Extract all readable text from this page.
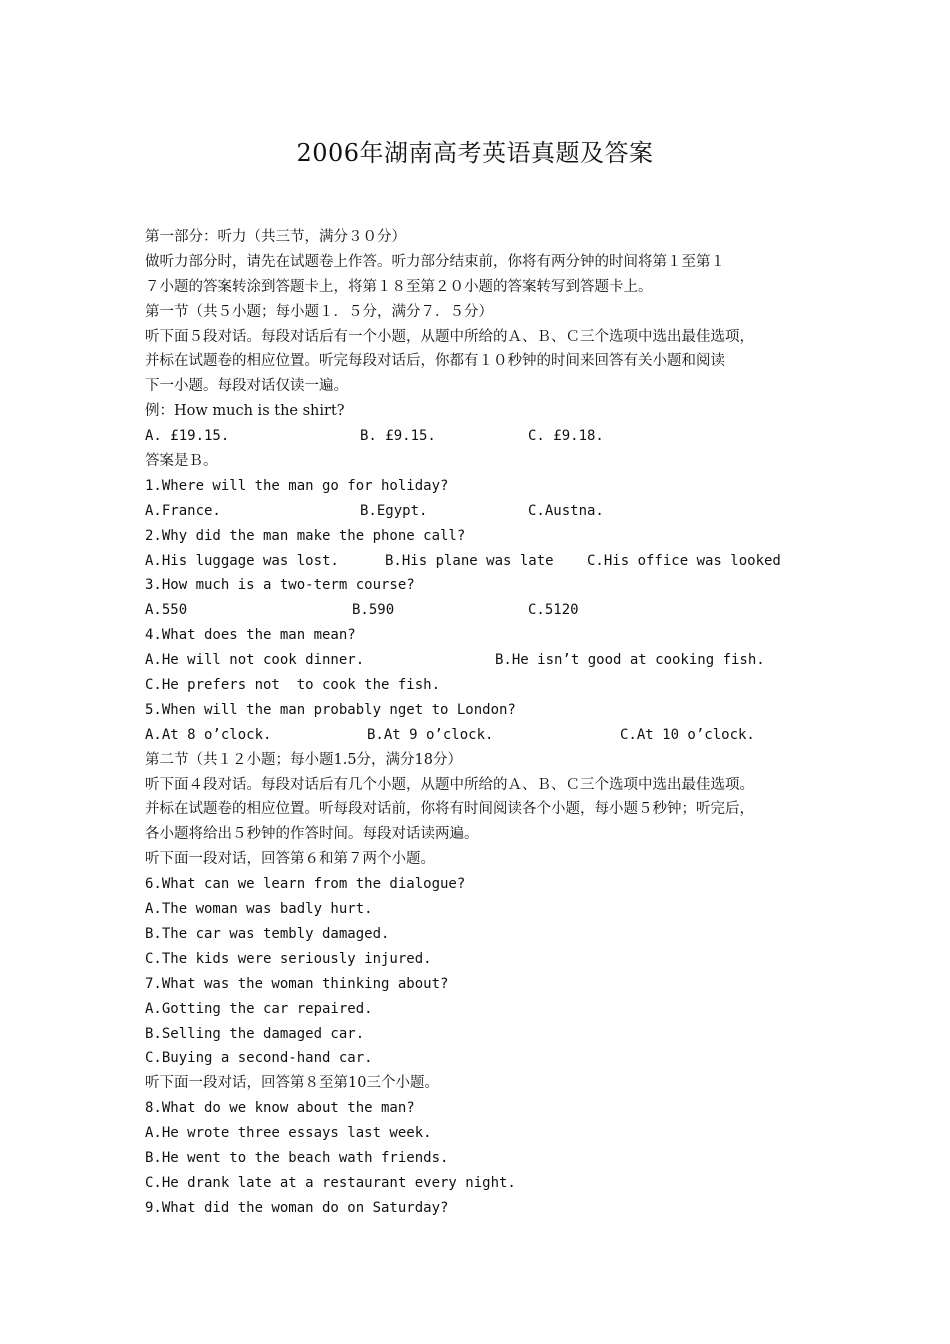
2006年湖南高考英语真题及答案
第一部分：听力（共三节，满分３０分）
做听力部分时，请先在试题卷上作答。听力部分结束前，你将有两分钟的时间将第１至第１
７小题的答案转涂到答题卡上，将第１８至第２０小题的答案转写到答题卡上。
第一节（共５小题；每小题１．５分，满分７．５分）
听下面５段对话。每段对话后有一个小题，从题中所给的Ａ、Ｂ、Ｃ三个选项中选出最佳选项，
并标在试题卷的相应位置。听完每段对话后，你都有１０秒钟的时间来回答有关小题和阅读
下一小题。每段对话仅读一遍。
例：How much is the shirt?
A. £19.15.	B. £9.15.	C. £9.18.
答案是Ｂ。
1.Where will the man go for holiday?
A.France.	B.Egypt.	C.Austna.
2.Why did the man make the phone call?
A.His luggage was lost.	B.His plane was late C.His office was looked
3.How much is a two-term course?
A.550	B.590	C.5120
4.What does the man mean?
A.He will not cook dinner.	B.He isn’t good at cooking fish.
C.He prefers not  to cook the fish.
5.When will the man probably nget to London?
A.At 8 o’clock.	B.At 9 o’clock.	C.At 10 o’clock.
第二节（共１２小题；每小题1.5分，满分18分）
听下面４段对话。每段对话后有几个小题，从题中所给的Ａ、Ｂ、Ｃ三个选项中选出最佳选项。
并标在试题卷的相应位置。听每段对话前，你将有时间阅读各个小题，每小题５秒钟；听完后，
各小题将给出５秒钟的作答时间。每段对话读两遍。
听下面一段对话，回答第６和第７两个小题。
6.What can we learn from the dialogue?
A.The woman was badly hurt.
B.The car was tembly damaged.
C.The kids were seriously injured.
7.What was the woman thinking about?
A.Gotting the car repaired.
B.Selling the damaged car.
C.Buying a second-hand car.
听下面一段对话，回答第８至第10三个小题。
8.What do we know about the man?
A.He wrote three essays last week.
B.He went to the beach wath friends.
C.He drank late at a restaurant every night.
9.What did the woman do on Saturday?
